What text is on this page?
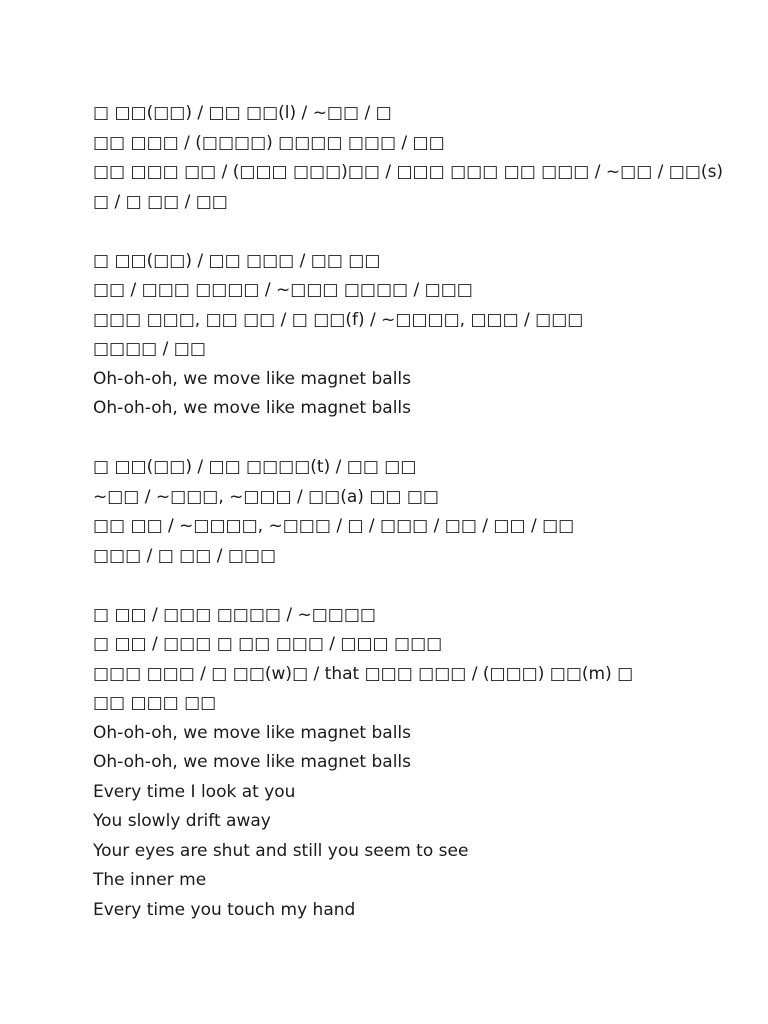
□ □□(□□) / □□ □□(l) / ~□□ / □
□□ □□□ / (□□□□) □□□□ □□□ / □□
□□ □□□ □□ / (□□□ □□□)□□ / □□□ □□□ □□ □□□ / ~□□ / □□(s)
□ / □ □□ / □□
□ □□(□□) / □□ □□□ / □□ □□
□□ / □□□ □□□□ / ~□□□ □□□□ / □□□
□□□ □□□, □□ □□ / □ □□(f) / ~□□□□, □□□ / □□□
□□□□ / □□
Oh-oh-oh, we move like magnet balls
Oh-oh-oh, we move like magnet balls
□ □□(□□) / □□ □□□□(t) / □□ □□
~□□ / ~□□□, ~□□□ / □□(a) □□ □□
□□ □□ / ~□□□□, ~□□□ / □ / □□□ / □□ / □□ / □□
□□□ / □ □□ / □□□
□ □□ / □□□ □□□□ / ~□□□□
□ □□ / □□□ □ □□ □□□ / □□□ □□□
□□□ □□□ / □ □□(w)□ / that □□□ □□□ / (□□□) □□(m) □
□□ □□□ □□
Oh-oh-oh, we move like magnet balls
Oh-oh-oh, we move like magnet balls
Every time I look at you
You slowly drift away
Your eyes are shut and still you seem to see
The inner me
Every time you touch my hand
